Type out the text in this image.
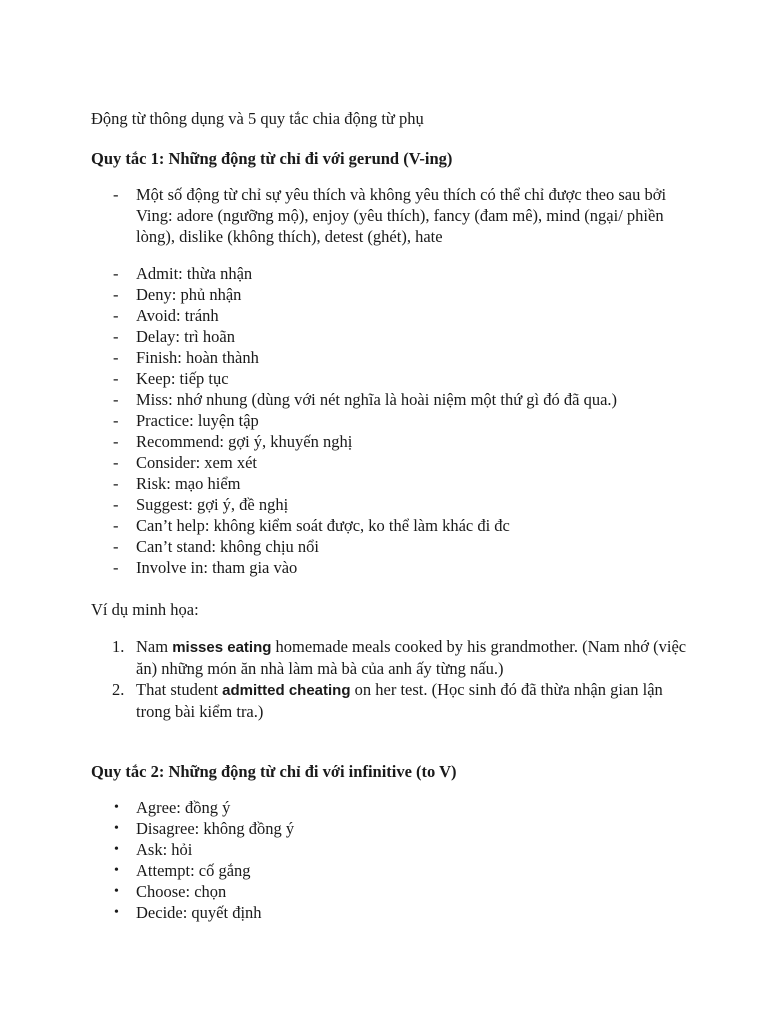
Động từ thông dụng và 5 quy tắc chia động từ phụ
Quy tắc 1: Những động từ chỉ đi với gerund (V-ing)
- Một số động từ chỉ sự yêu thích và không yêu thích có thể chỉ được theo sau bởi Ving: adore (ngưỡng mộ), enjoy (yêu thích), fancy (đam mê), mind (ngại/ phiền lòng), dislike (không thích), detest (ghét), hate
- Admit: thừa nhận
- Deny: phủ nhận
- Avoid: tránh
- Delay: trì hoãn
- Finish: hoàn thành
- Keep: tiếp tục
- Miss: nhớ nhung (dùng với nét nghĩa là hoài niệm một thứ gì đó đã qua.)
- Practice: luyện tập
- Recommend: gợi ý, khuyến nghị
- Consider: xem xét
- Risk: mạo hiểm
- Suggest: gợi ý, đề nghị
- Can’t help: không kiểm soát được, ko thể làm khác đi đc
- Can’t stand: không chịu nổi
- Involve in: tham gia vào
Ví dụ minh họa:
1. Nam misses eating homemade meals cooked by his grandmother. (Nam nhớ (việc ăn) những món ăn nhà làm mà bà của anh ấy từng nấu.)
2. That student admitted cheating on her test. (Học sinh đó đã thừa nhận gian lận trong bài kiểm tra.)
Quy tắc 2: Những động từ chỉ đi với infinitive (to V)
• Agree: đồng ý
• Disagree: không đồng ý
• Ask: hỏi
• Attempt: cố gắng
• Choose: chọn
• Decide: quyết định
